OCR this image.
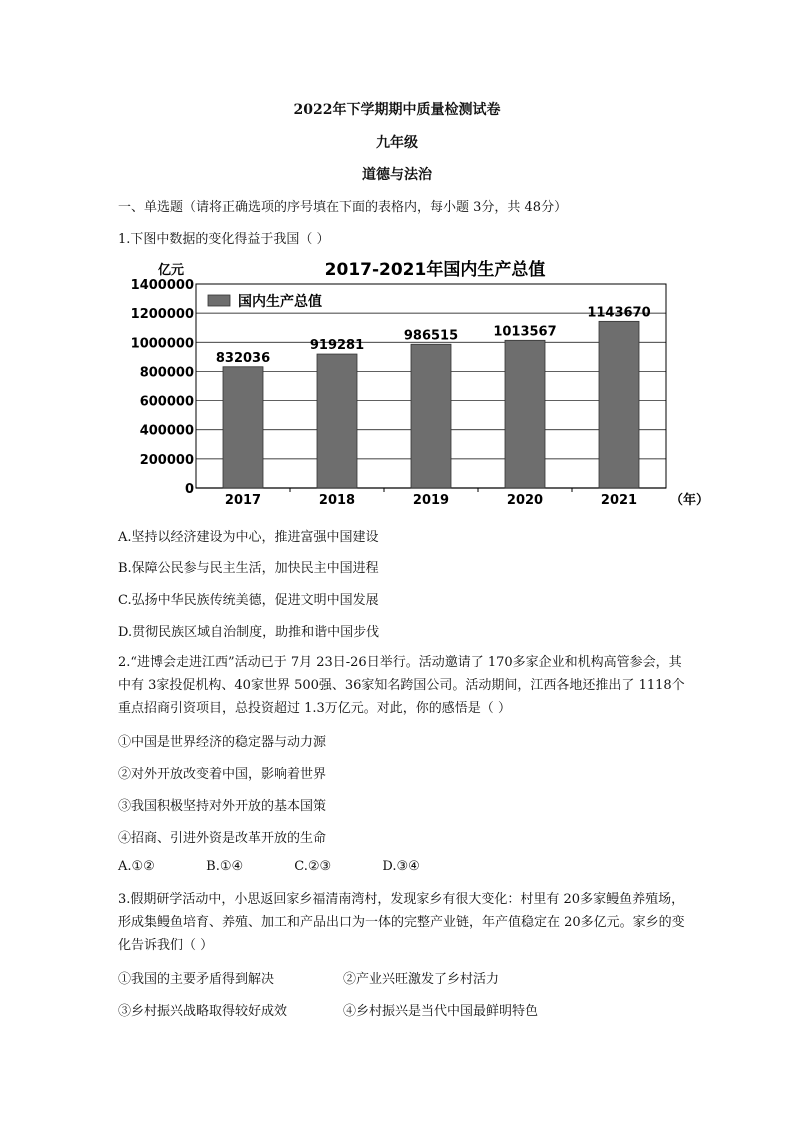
2022年下学期期中质量检测试卷
九年级
道德与法治
一、单选题（请将正确选项的序号填在下面的表格内，每小题 3分，共 48分）
1.下图中数据的变化得益于我国（ ）
2017-2021年国内生产总值
亿元
0
200000
400000
600000
800000
1000000
1200000
1400000
832036
2017
919281
2018
986515
2019
1013567
2020
1143670
2021	（年）
国内生产总值
A.坚持以经济建设为中心，推进富强中国建设
B.保障公民参与民主生活，加快民主中国进程
C.弘扬中华民族传统美德，促进文明中国发展
D.贯彻民族区域自治制度，助推和谐中国步伐
2.“进博会走进江西”活动已于 7月 23日-26日举行。活动邀请了 170多家企业和机构高管参会，其中有 3家投促机构、40家世界 500强、36家知名跨国公司。活动期间，江西各地还推出了 1118个重点招商引资项目，总投资超过 1.3万亿元。对此，你的感悟是（ ）
①中国是世界经济的稳定器与动力源
②对外开放改变着中国，影响着世界
③我国积极坚持对外开放的基本国策
④招商、引进外资是改革开放的生命
A.①②	B.①④	C.②③	D.③④
3.假期研学活动中，小思返回家乡福清南湾村，发现家乡有很大变化：村里有 20多家鳗鱼养殖场，形成集鳗鱼培育、养殖、加工和产品出口为一体的完整产业链，年产值稳定在 20多亿元。家乡的变化告诉我们（ ）
①我国的主要矛盾得到解决	②产业兴旺激发了乡村活力
③乡村振兴战略取得较好成效	④乡村振兴是当代中国最鲜明特色
